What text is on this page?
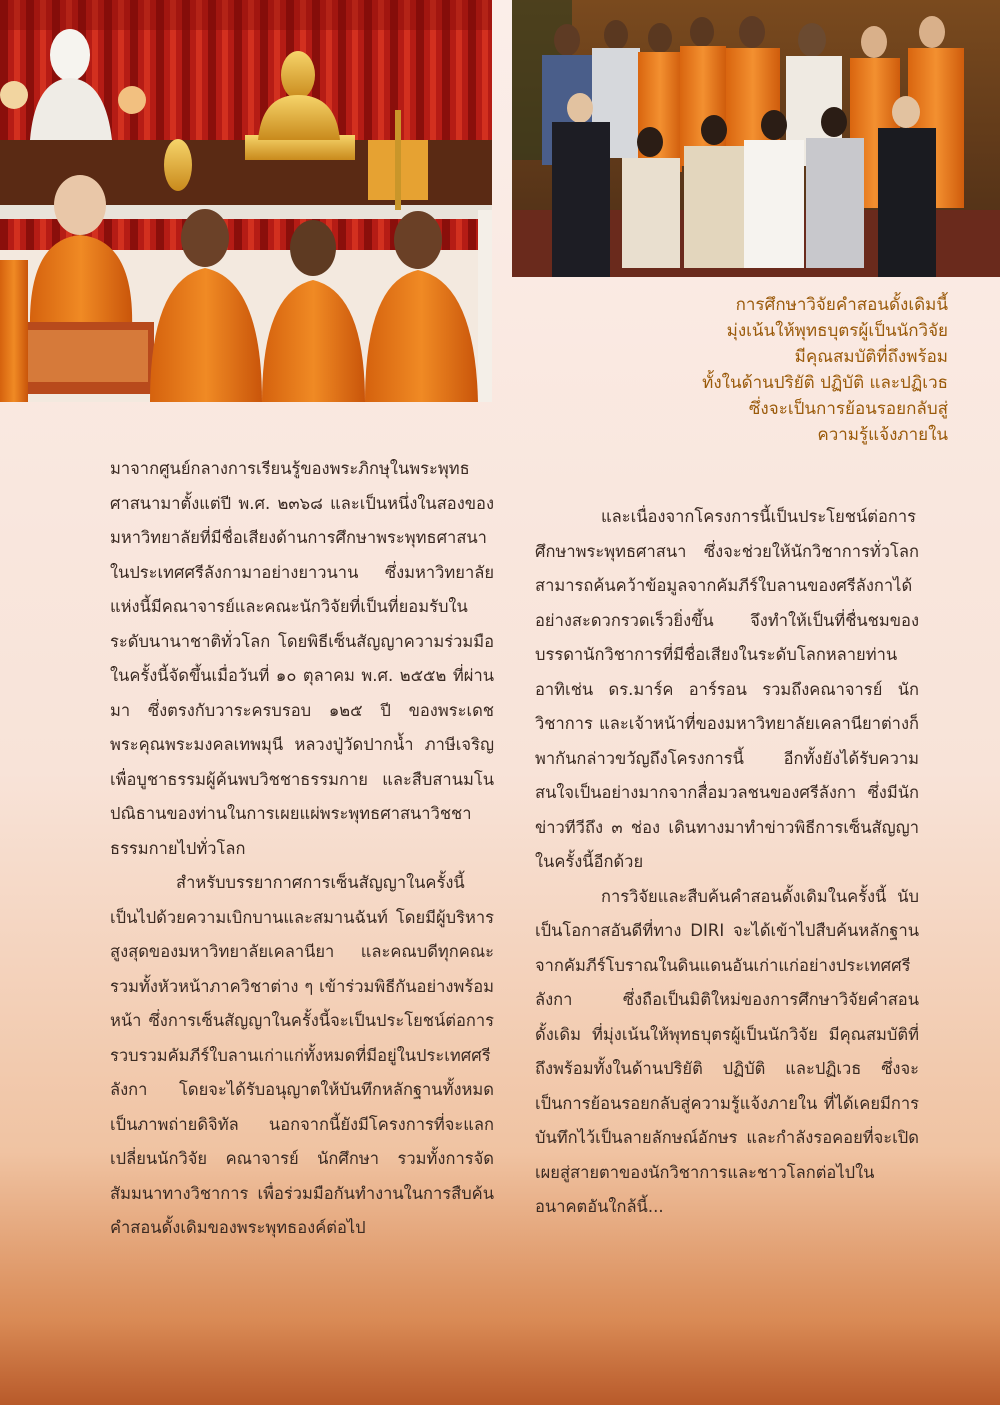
การศึกษาวิจัยคำสอนดั้งเดิมนี้
มุ่งเน้นให้พุทธบุตรผู้เป็นนักวิจัย
มีคุณสมบัติที่ถึงพร้อม
ทั้งในด้านปริยัติ ปฏิบัติ และปฏิเวธ
ซึ่งจะเป็นการย้อนรอยกลับสู่
ความรู้แจ้งภายใน

มาจากศูนย์กลางการเรียนรู้ของพระภิกษุในพระพุทธศาสนามาตั้งแต่ปี พ.ศ. ๒๓๖๘ และเป็นหนึ่งในสองของมหาวิทยาลัยที่มีชื่อเสียงด้านการศึกษาพระพุทธศาสนาในประเทศศรีลังกามาอย่างยาวนาน ซึ่งมหาวิทยาลัยแห่งนี้มีคณาจารย์และคณะนักวิจัยที่เป็นที่ยอมรับในระดับนานาชาติทั่วโลก โดยพิธีเซ็นสัญญาความร่วมมือในครั้งนี้จัดขึ้นเมื่อวันที่ ๑๐ ตุลาคม พ.ศ. ๒๕๕๒ ที่ผ่านมา ซึ่งตรงกับวาระครบรอบ ๑๒๕ ปี ของพระเดชพระคุณพระมงคลเทพมุนี หลวงปู่วัดปากน้ำ ภาษีเจริญ เพื่อบูชาธรรมผู้ค้นพบวิชชาธรรมกาย และสืบสานมโนปณิธานของท่านในการเผยแผ่พระพุทธศาสนาวิชชาธรรมกายไปทั่วโลก

สำหรับบรรยากาศการเซ็นสัญญาในครั้งนี้ เป็นไปด้วยความเบิกบานและสมานฉันท์ โดยมีผู้บริหารสูงสุดของมหาวิทยาลัยเคลานียา และคณบดีทุกคณะ รวมทั้งหัวหน้าภาควิชาต่าง ๆ เข้าร่วมพิธีกันอย่างพร้อมหน้า ซึ่งการเซ็นสัญญาในครั้งนี้จะเป็นประโยชน์ต่อการรวบรวมคัมภีร์ใบลานเก่าแก่ทั้งหมดที่มีอยู่ในประเทศศรีลังกา โดยจะได้รับอนุญาตให้บันทึกหลักฐานทั้งหมดเป็นภาพถ่ายดิจิทัล นอกจากนี้ยังมีโครงการที่จะแลกเปลี่ยนนักวิจัย คณาจารย์ นักศึกษา รวมทั้งการจัดสัมมนาทางวิชาการ เพื่อร่วมมือกันทำงานในการสืบค้นคำสอนดั้งเดิมของพระพุทธองค์ต่อไป

และเนื่องจากโครงการนี้เป็นประโยชน์ต่อการศึกษาพระพุทธศาสนา ซึ่งจะช่วยให้นักวิชาการทั่วโลกสามารถค้นคว้าข้อมูลจากคัมภีร์ใบลานของศรีลังกาได้อย่างสะดวกรวดเร็วยิ่งขึ้น จึงทำให้เป็นที่ชื่นชมของบรรดานักวิชาการที่มีชื่อเสียงในระดับโลกหลายท่าน อาทิเช่น ดร.มาร์ค อาร์รอน รวมถึงคณาจารย์ นักวิชาการ และเจ้าหน้าที่ของมหาวิทยาลัยเคลานียาต่างก็พากันกล่าวขวัญถึงโครงการนี้ อีกทั้งยังได้รับความสนใจเป็นอย่างมากจากสื่อมวลชนของศรีลังกา ซึ่งมีนักข่าวทีวีถึง ๓ ช่อง เดินทางมาทำข่าวพิธีการเซ็นสัญญาในครั้งนี้อีกด้วย

การวิจัยและสืบค้นคำสอนดั้งเดิมในครั้งนี้ นับเป็นโอกาสอันดีที่ทาง DIRI จะได้เข้าไปสืบค้นหลักฐานจากคัมภีร์โบราณในดินแดนอันเก่าแก่อย่างประเทศศรีลังกา ซึ่งถือเป็นมิติใหม่ของการศึกษาวิจัยคำสอนดั้งเดิม ที่มุ่งเน้นให้พุทธบุตรผู้เป็นนักวิจัย มีคุณสมบัติที่ถึงพร้อมทั้งในด้านปริยัติ ปฏิบัติ และปฏิเวธ ซึ่งจะเป็นการย้อนรอยกลับสู่ความรู้แจ้งภายใน ที่ได้เคยมีการบันทึกไว้เป็นลายลักษณ์อักษร และกำลังรอคอยที่จะเปิดเผยสู่สายตาของนักวิชาการและชาวโลกต่อไปในอนาคตอันใกล้นี้...
